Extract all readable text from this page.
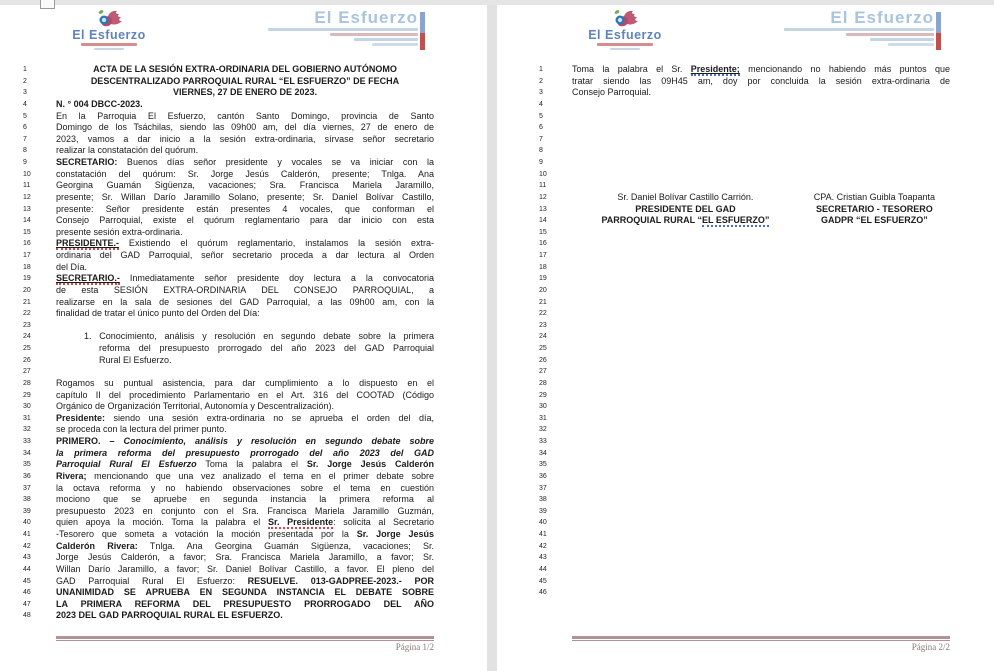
El Esfuerzo
El Esfuerzo
1
2
3
4
5
6
7
8
9
10
11
12
13
14
15
16
17
18
19
20
21
22
23
24
25
26
27
28
29
30
31
32
33
34
35
36
37
38
39
40
41
42
43
44
45
46
47
48
ACTA DE LA SESIÓN EXTRA-ORDINARIA DEL GOBIERNO AUTÓNOMO
DESCENTRALIZADO PARROQUIAL RURAL “EL ESFUERZO” DE FECHA
VIERNES, 27 DE ENERO DE 2023.
N. ° 004 DBCC-2023.
En la Parroquia El Esfuerzo, cantón Santo Domingo, provincia de Santo
Domingo de los Tsáchilas, siendo las 09h00 am, del día viernes, 27 de enero de
2023, vamos a dar inicio a la sesión extra-ordinaria, sírvase señor secretario
realizar la constatación del quórum.
SECRETARIO: Buenos días señor presidente y vocales se va iniciar con la
constatación del quórum: Sr. Jorge Jesús Calderón, presente; Tnlga. Ana
Georgina Guamán Sigüenza, vacaciones; Sra. Francisca Mariela Jaramillo,
presente; Sr. Willan Darío Jaramillo Solano, presente; Sr. Daniel Bolívar Castillo,
presente: Señor presidente están presentes 4 vocales, que conforman el
Consejo Parroquial, existe el quórum reglamentario para dar inicio con esta
presente sesión extra-ordinaria.
PRESIDENTE.- Existiendo el quórum reglamentario, instalamos la sesión extra-
ordinaria del GAD Parroquial, señor secretario proceda a dar lectura al Orden
del Día.
SECRETARIO.- Inmediatamente señor presidente doy lectura a la convocatoria
de esta SESIÓN EXTRA-ORDINARIA DEL CONSEJO PARROQUIAL, a
realizarse en la sala de sesiones del GAD Parroquial, a las 09h00 am, con la
finalidad de tratar el único punto del Orden del Día:
1. Conocimiento, análisis y resolución en segundo debate sobre la primera
reforma del presupuesto prorrogado del año 2023 del GAD Parroquial
Rural El Esfuerzo.
Rogamos su puntual asistencia, para dar cumplimiento a lo dispuesto en el
capítulo II del procedimiento Parlamentario en el Art. 316 del COOTAD (Código
Orgánico de Organización Territorial, Autonomía y Descentralización).
Presidente: siendo una sesión extra-ordinaria no se aprueba el orden del día,
se proceda con la lectura del primer punto.
PRIMERO. – Conocimiento, análisis y resolución en segundo debate sobre
la primera reforma del presupuesto prorrogado del año 2023 del GAD
Parroquial Rural El Esfuerzo Toma la palabra el Sr. Jorge Jesús Calderón
Rivera; mencionando que una vez analizado el tema en el primer debate sobre
la octava reforma y no habiendo observaciones sobre el tema en cuestión
mociono que se apruebe en segunda instancia la primera reforma al
presupuesto 2023 en conjunto con el Sra. Francisca Mariela Jaramillo Guzmán,
quien apoya la moción. Toma la palabra el Sr. Presidente: solicita al Secretario
-Tesorero que someta a votación la moción presentada por la Sr. Jorge Jesús
Calderón Rivera: Tnlga. Ana Georgina Guamán Sigüenza, vacaciones; Sr.
Jorge Jesús Calderón, a favor; Sra. Francisca Mariela Jaramillo, a favor; Sr.
Willan Darío Jaramillo, a favor; Sr. Daniel Bolívar Castillo, a favor. El pleno del
GAD Parroquial Rural El Esfuerzo: RESUELVE. 013-GADPREE-2023.- POR
UNANIMIDAD SE APRUEBA EN SEGUNDA INSTANCIA EL DEBATE SOBRE
LA PRIMERA REFORMA DEL PRESUPUESTO PRORROGADO DEL AÑO
2023 DEL GAD PARROQUIAL RURAL EL ESFUERZO.
Página 1/2
El Esfuerzo
El Esfuerzo
1
2
3
4
5
6
7
8
9
10
11
12
13
14
15
16
17
18
19
20
21
22
23
24
25
26
27
28
29
30
31
32
33
34
35
36
37
38
39
40
41
42
43
44
45
46
Toma la palabra el Sr. Presidente; mencionando no habiendo más puntos que
tratar siendo las 09H45 am, doy por concluida la sesión extra-ordinaria de
Consejo Parroquial.
Sr. Daniel Bolívar Castillo Carrión.	CPA. Cristian Guibla Toapanta
PRESIDENTE DEL GAD	SECRETARIO - TESORERO
PARROQUIAL RURAL “EL ESFUERZO”	GADPR “EL ESFUERZO”
Página 2/2
